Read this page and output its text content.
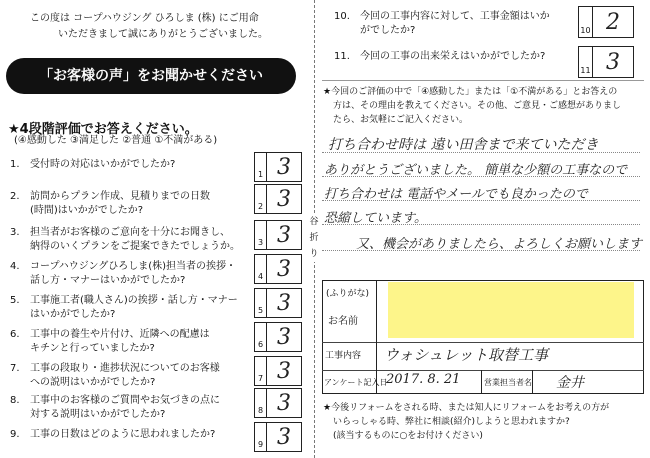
この度は コープハウジング ひろしま (株) にご用命
いただきまして誠にありがとうございました。
「お客様の声」をお聞かせください
★4段階評価でお答えください。
(④感動した ③満足した ②普通 ①不満がある)
1. 受付時の対応はいかがでしたか?
1 3
2. 訪問からプラン作成、見積りまでの日数
(時間)はいかがでしたか?	2 3
3. 担当者がお客様のご意向を十分にお聞きし、
納得のいくプランをご提案できたでしょうか。	3 3
4. コープハウジングひろしま(株)担当者の挨拶・
話し方・マナーはいかがでしたか?	4 3
5. 工事施工者(職人さん)の挨拶・話し方・マナー
はいかがでしたか?	5 3
6. 工事中の養生や片付け、近隣への配慮は
キチンと行っていましたか?	6 3
7. 工事の段取り・進捗状況についてのお客様
への説明はいかがでしたか?	7 3
8. 工事中のお客様のご質問やお気づきの点に
対する説明はいかがでしたか?	8 3
9. 工事の日数はどのように思われましたか?
9 3
谷
折
り
10. 今回の工事内容に対して、工事金額はいか
がでしたか?	10 2
11. 今回の工事の出来栄えはいかがでしたか?
11 3
★今回のご評価の中で「④感動した」または「①不満がある」とお答えの
方は、その理由を教えてください。その他、ご意見・ご感想がありまし
たら、お気軽にご記入ください。
打ち合わせ時は 遠い田舎まで来ていただき
ありがとうございました。 簡単な少額の工事なので
打ち合わせは 電話やメールでも良かったので
恐縮しています。
又、機会がありましたら、よろしくお願いします
(ふりがな)
お名前
工事内容 ウォシュレット取替工事
アンケート記入日
2017. 8. 21	営業担当者名 金井
★今後リフォームをされる時、または知人にリフォームをお考えの方が
いらっしゃる時、弊社に相談(紹介)しようと思われますか?
(該当するものに○をお付けください)
